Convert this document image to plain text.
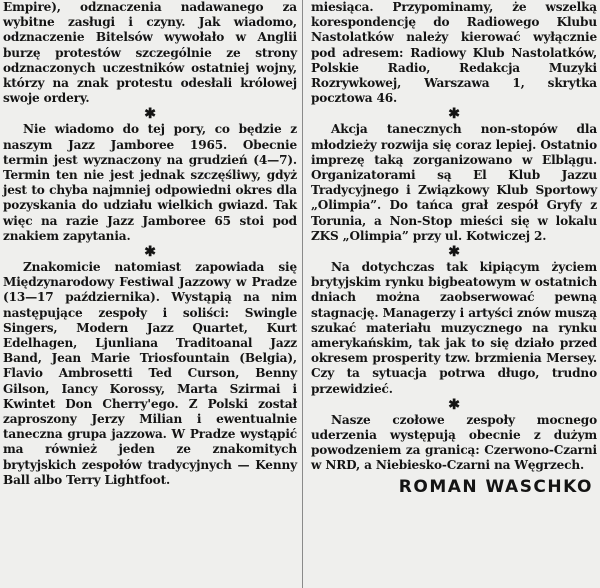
Empire), odznaczenia nadawanego za wybitne zasługi i czyny. Jak wiadomo, odznaczenie Bitelsów wywołało w Anglii burzę protestów szczególnie ze strony odznaczonych uczestników ostatniej wojny, którzy na znak protestu odesłali królowej swoje ordery.

✱

Nie wiadomo do tej pory, co będzie z naszym Jazz Jamboree 1965. Obecnie termin jest wyznaczony na grudzień (4—7). Termin ten nie jest jednak szczęśliwy, gdyż jest to chyba najmniej odpowiedni okres dla pozyskania do udziału wielkich gwiazd. Tak więc na razie Jazz Jamboree 65 stoi pod znakiem zapytania.

✱

Znakomicie natomiast zapowiada się Międzynarodowy Festiwal Jazzowy w Pradze (13—17 października). Wystąpią na nim następujące zespoły i soliści: Swingle Singers, Modern Jazz Quartet, Kurt Edelhagen, Ljunliana Traditoanal Jazz Band, Jean Marie Triosfountain (Belgia), Flavio Ambrosetti Ted Curson, Benny Gilson, Iancy Korossy, Marta Szirmai i Kwintet Don Cherry'ego. Z Polski został zaproszony Jerzy Milian i ewentualnie taneczna grupa jazzowa. W Pradze wystąpić ma również jeden ze znakomitych brytyjskich zespołów tradycyjnych — Kenny Ball albo Terry Lightfoot.

miesiąca. Przypominamy, że wszelką korespondencję do Radiowego Klubu Nastolatków należy kierować wyłącznie pod adresem: Radiowy Klub Nastolatków, Polskie Radio, Redakcja Muzyki Rozrywkowej, Warszawa 1, skrytka pocztowa 46.

✱

Akcja tanecznych non-stopów dla młodzieży rozwija się coraz lepiej. Ostatnio imprezę taką zorganizowano w Elblągu. Organizatorami są El Klub Jazzu Tradycyjnego i Związkowy Klub Sportowy „Olimpia”. Do tańca grał zespół Gryfy z Torunia, a Non-Stop mieści się w lokalu ZKS „Olimpia” przy ul. Kotwiczej 2.

✱

Na dotychczas tak kipiącym życiem brytyjskim rynku bigbeatowym w ostatnich dniach można zaobserwować pewną stagnację. Managerzy i artyści znów muszą szukać materiału muzycznego na rynku amerykańskim, tak jak to się działo przed okresem prosperity tzw. brzmienia Mersey. Czy ta sytuacja potrwa długo, trudno przewidzieć.

✱

Nasze czołowe zespoły mocnego uderzenia występują obecnie z dużym powodzeniem za granicą: Czerwono-Czarni w NRD, a Niebiesko-Czarni na Węgrzech.

ROMAN WASCHKO
